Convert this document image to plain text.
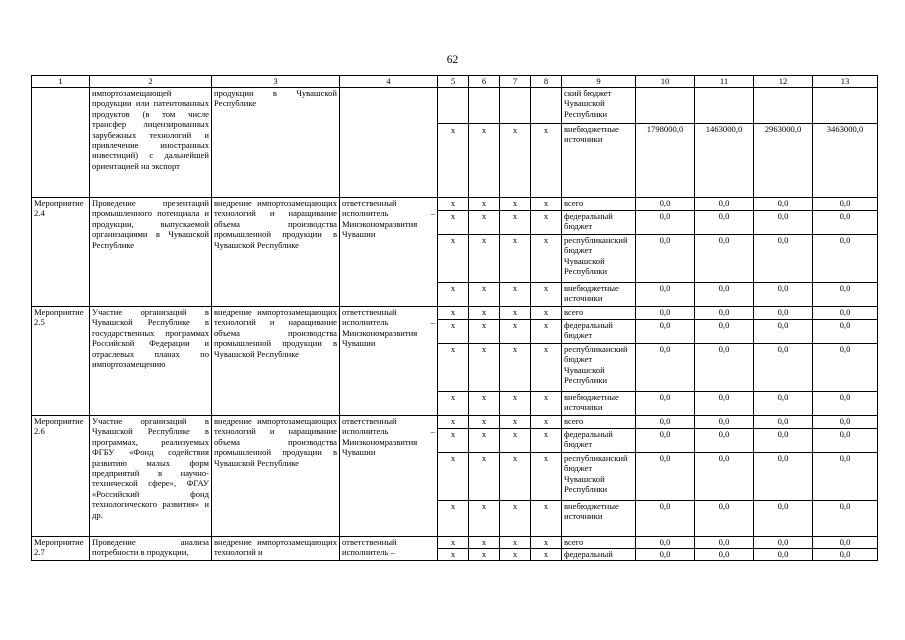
62
1	2	3	4	5	6	7	8	9	10	11	12	13
	импортозамещающей продукции или патентованных продуктов (в том числе трансфер лицензированных зарубежных технологий и привлечение иностранных инвестиций) с дальнейшей ориентацией на экспорт	продукции в Чувашской Республике						ский бюджет Чувашской Республики				
				х	х	х	х	внебюджетные источники	1798000,0	1463000,0	2963000,0	3463000,0
Мероприятие 2.4	Проведение презентаций промышленного потенциала и продукции, выпускаемой организациями в Чувашской Республике	внедрение импортозамещающих технологий и наращивание объема производства промышленной продукции в Чувашской Республике	ответственный исполнитель – Минэкономразвития Чувашии	х	х	х	х	всего	0,0	0,0	0,0	0,0
				х	х	х	х	федеральный бюджет	0,0	0,0	0,0	0,0
				х	х	х	х	республиканский бюджет Чувашской Республики	0,0	0,0	0,0	0,0
				х	х	х	х	внебюджетные источники	0,0	0,0	0,0	0,0
Мероприятие 2.5	Участие организаций в Чувашской Республике в государственных программах Российской Федерации и отраслевых планах по импортозамещению	внедрение импортозамещающих технологий и наращивание объема производства промышленной продукции в Чувашской Республике	ответственный исполнитель – Минэкономразвития Чувашии	х	х	х	х	всего	0,0	0,0	0,0	0,0
				х	х	х	х	федеральный бюджет	0,0	0,0	0,0	0,0
				х	х	х	х	республиканский бюджет Чувашской Республики	0,0	0,0	0,0	0,0
				х	х	х	х	внебюджетные источники	0,0	0,0	0,0	0,0
Мероприятие 2.6	Участие организаций в Чувашской Республике в программах, реализуемых ФГБУ «Фонд содействия развитию малых форм предприятий в научно-технической сфере», ФГАУ «Российский фонд технологического развития» и др.	внедрение импортозамещающих технологий и наращивание объема производства промышленной продукции в Чувашской Республике	ответственный исполнитель – Минэкономразвития Чувашии	х	х	х	х	всего	0,0	0,0	0,0	0,0
				х	х	х	х	федеральный бюджет	0,0	0,0	0,0	0,0
				х	х	х	х	республиканский бюджет Чувашской Республики	0,0	0,0	0,0	0,0
				х	х	х	х	внебюджетные источники	0,0	0,0	0,0	0,0
Мероприятие 2.7	Проведение анализа потребности в продукции,	внедрение импортозамещающих технологий и	ответственный исполнитель –	х	х	х	х	всего	0,0	0,0	0,0	0,0
				х	х	х	х	федеральный	0,0	0,0	0,0	0,0
